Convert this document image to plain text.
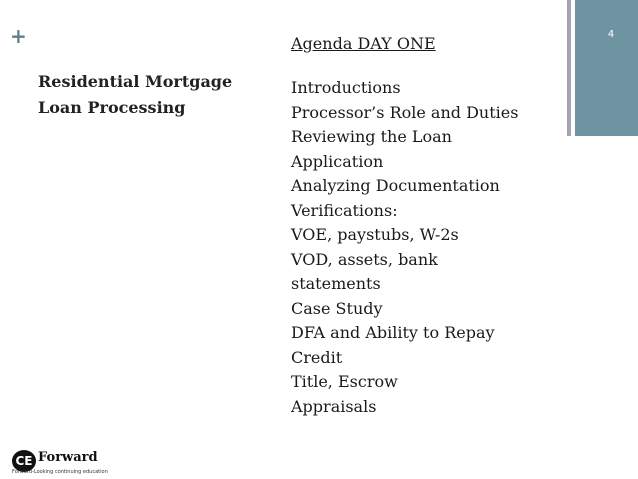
+	4
Residential Mortgage
Loan Processing
Agenda DAY ONE
Introductions
Processor’s Role and Duties
Reviewing the Loan
Application
Analyzing Documentation
Verifications:
VOE, paystubs, W-2s
VOD, assets, bank
statements
Case Study
DFA and Ability to Repay
Credit
Title, Escrow
Appraisals
CE Forward
Forward-Looking continuing education
